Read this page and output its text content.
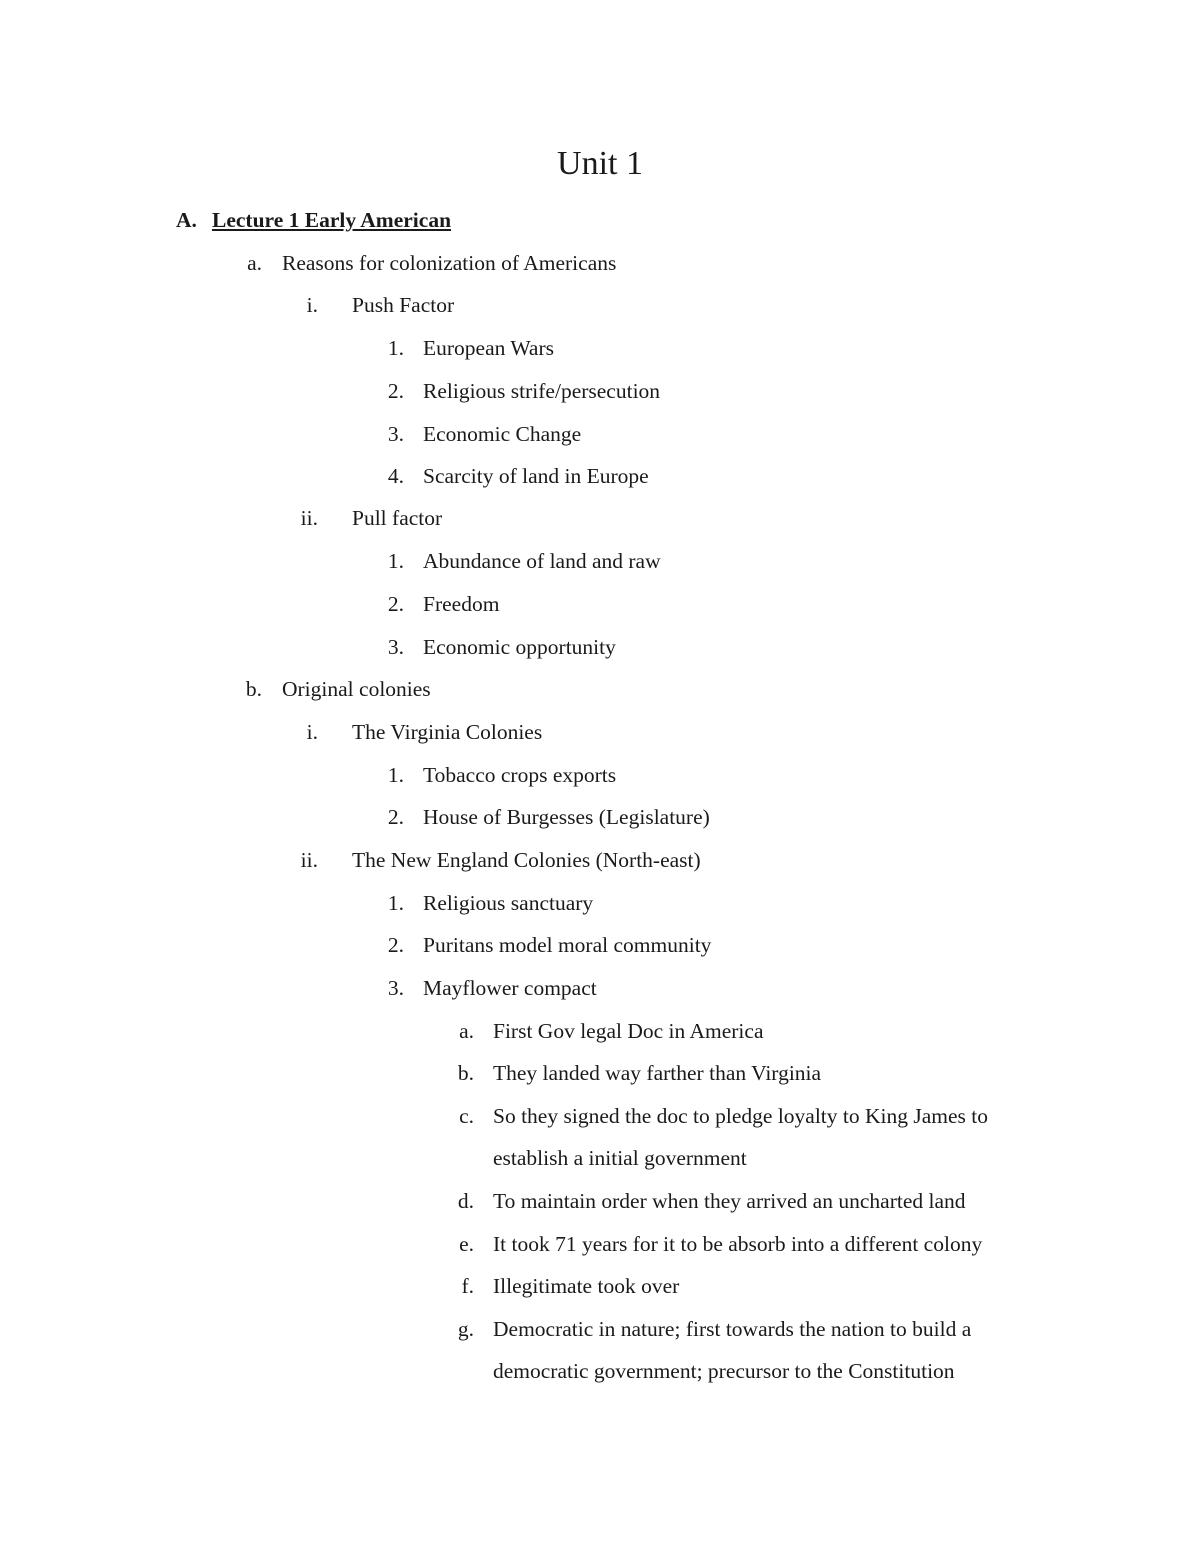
Unit 1
A. Lecture 1 Early American
a. Reasons for colonization of Americans
i. Push Factor
1. European Wars
2. Religious strife/persecution
3. Economic Change
4. Scarcity of land in Europe
ii. Pull factor
1. Abundance of land and raw
2. Freedom
3. Economic opportunity
b. Original colonies
i. The Virginia Colonies
1. Tobacco crops exports
2. House of Burgesses (Legislature)
ii. The New England Colonies (North-east)
1. Religious sanctuary
2. Puritans model moral community
3. Mayflower compact
a. First Gov legal Doc in America
b. They landed way farther than Virginia
c. So they signed the doc to pledge loyalty to King James to
establish a initial government
d. To maintain order when they arrived an uncharted land
e. It took 71 years for it to be absorb into a different colony
f. Illegitimate took over
g. Democratic in nature; first towards the nation to build a
democratic government; precursor to the Constitution
